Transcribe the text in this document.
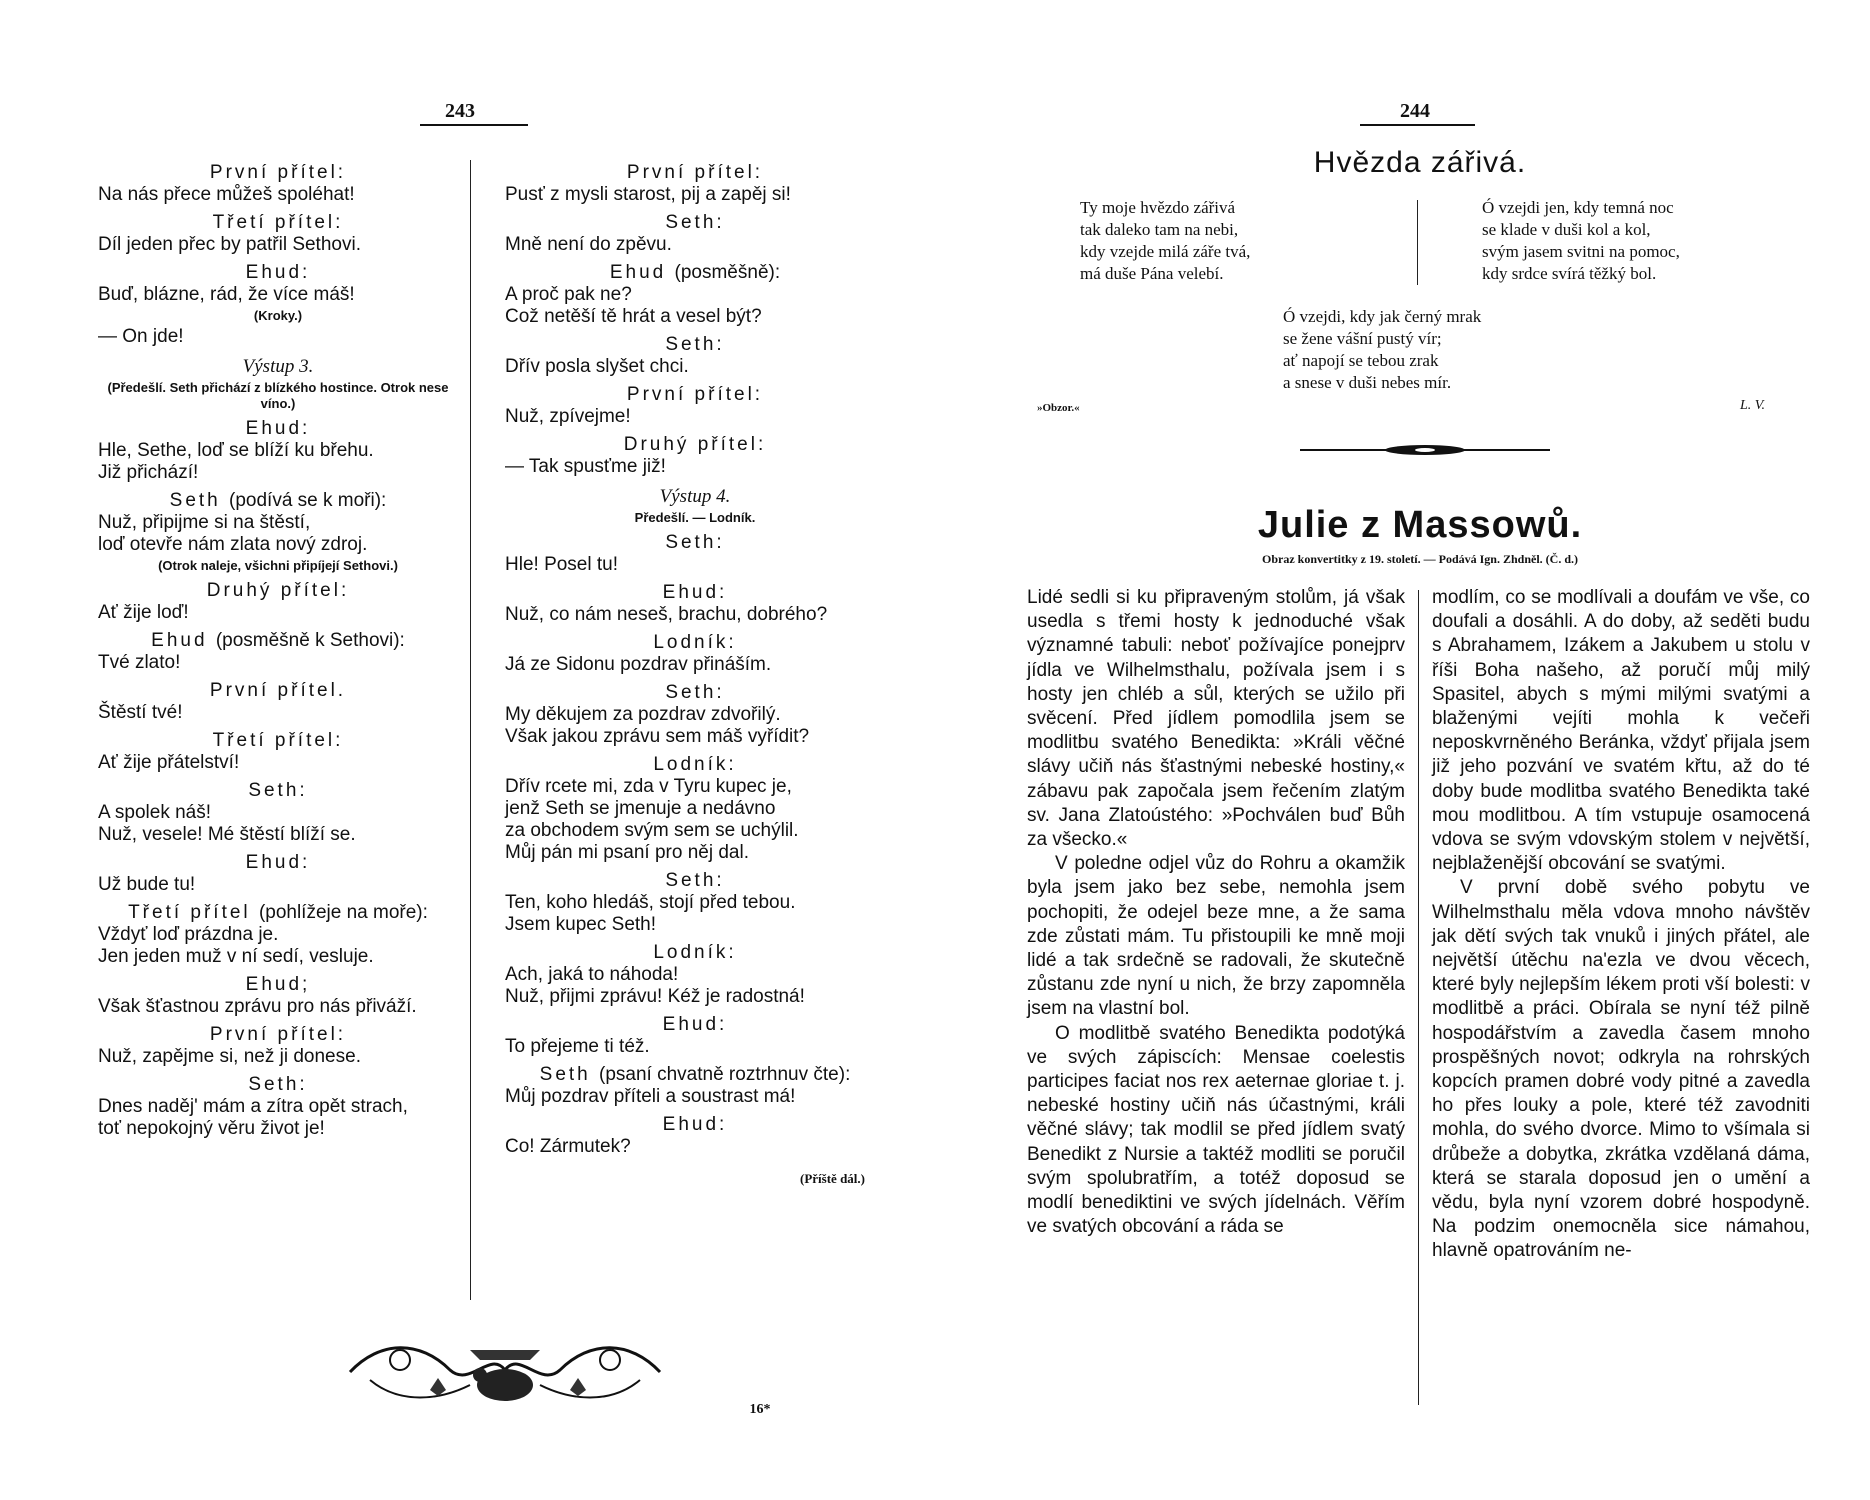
243
První přítel:
Na nás přece můžeš spoléhat!
Třetí přítel:
Díl jeden přec by patřil Sethovi.
Ehud:
Buď, blázne, rád, že více máš!
(Kroky.)
— On jde!
Výstup 3.
(Předešlí. Seth přichází z blízkého hostince. Otrok nese víno.)
Ehud:
Hle, Sethe, loď se blíží ku břehu.
Již přichází!
Seth (podívá se k moři):
Nuž, připijme si na štěstí,
loď otevře nám zlata nový zdroj.
(Otrok naleje, všichni připíjejí Sethovi.)
Druhý přítel:
Ať žije loď!
Ehud (posměšně k Sethovi):
Tvé zlato!
První přítel.
Štěstí tvé!
Třetí přítel:
Ať žije přátelství!
Seth:
A spolek náš!
Nuž, vesele! Mé štěstí blíží se.
Ehud:
Už bude tu!
Třetí přítel (pohlížeje na moře):
Vždyť loď prázdna je.
Jen jeden muž v ní sedí, vesluje.
Ehud;
Však šťastnou zprávu pro nás přiváží.
První přítel:
Nuž, zapějme si, než ji donese.
Seth:
Dnes naděj' mám a zítra opět strach,
toť nepokojný věru život je!
První přítel:
Pusť z mysli starost, pij a zapěj si!
Seth:
Mně není do zpěvu.
Ehud (posměšně):
A proč pak ne?
Což netěší tě hrát a vesel být?
Seth:
Dřív posla slyšet chci.
První přítel:
Nuž, zpívejme!
Druhý přítel:
— Tak spusťme již!
Výstup 4.
Předešlí. — Lodník.
Seth:
Hle! Posel tu!
Ehud:
Nuž, co nám neseš, brachu, dobrého?
Lodník:
Já ze Sidonu pozdrav přináším.
Seth:
My děkujem za pozdrav zdvořilý.
Však jakou zprávu sem máš vyřídit?
Lodník:
Dřív rcete mi, zda v Tyru kupec je,
jenž Seth se jmenuje a nedávno
za obchodem svým sem se uchýlil.
Můj pán mi psaní pro něj dal.
Seth:
Ten, koho hledáš, stojí před tebou.
Jsem kupec Seth!
Lodník:
Ach, jaká to náhoda!
Nuž, přijmi zprávu! Kéž je radostná!
Ehud:
To přejeme ti též.
Seth (psaní chvatně roztrhnuv čte):
Můj pozdrav příteli a soustrast má!
Ehud:
Co! Zármutek?
(Příště dál.)
16*
244
Hvězda zářivá.
Ty moje hvězdo zářivá
tak daleko tam na nebi,
kdy vzejde milá záře tvá,
má duše Pána velebí.
Ó vzejdi jen, kdy temná noc
se klade v duši kol a kol,
svým jasem svitni na pomoc,
kdy srdce svírá těžký bol.
Ó vzejdi, kdy jak černý mrak
se žene vášní pustý vír;
ať napojí se tebou zrak
a snese v duši nebes mír.
»Obzor.«	L. V.
Julie z Massowů.
Obraz konvertitky z 19. století. — Podává Ign. Zhdněl. (Č. d.)

Lidé sedli si ku připraveným stolům, já však usedla s třemi hosty k jednoduché však významné tabuli: neboť požívajíce ponejprv jídla ve Wilhelmsthalu, požívala jsem i s hosty jen chléb a sůl, kterých se užilo při svěcení. Před jídlem pomodlila jsem se modlitbu svatého Benedikta: »Králi věčné slávy učiň nás šťastnými nebeské hostiny,« zábavu pak započala jsem řečením zlatým sv. Jana Zlatoústého: »Pochválen buď Bůh za všecko.«

V poledne odjel vůz do Rohru a okamžik byla jsem jako bez sebe, nemohla jsem pochopiti, že odejel beze mne, a že sama zde zůstati mám. Tu přistoupili ke mně moji lidé a tak srdečně se radovali, že skutečně zůstanu zde nyní u nich, že brzy zapomněla jsem na vlastní bol.

O modlitbě svatého Benedikta podotýká ve svých zápiscích: Mensae coelestis participes faciat nos rex aeternae gloriae t. j. nebeské hostiny učiň nás účastnými, králi věčné slávy; tak modlil se před jídlem svatý Benedikt z Nursie a taktéž modliti se poručil svým spolubratřím, a totéž doposud se modlí benediktini ve svých jídelnách. Věřím ve svatých obcování a ráda se

modlím, co se modlívali a doufám ve vše, co doufali a dosáhli. A do doby, až seděti budu s Abrahamem, Izákem a Jakubem u stolu v říši Boha našeho, až poručí můj milý Spasitel, abych s mými milými svatými a blaženými vejíti mohla k večeři neposkvrněného Beránka, vždyť přijala jsem již jeho pozvání ve svatém křtu, až do té doby bude modlitba svatého Benedikta také mou modlitbou. A tím vstupuje osamocená vdova se svým vdovským stolem v největší, nejblaženější obcování se svatými.

V první době svého pobytu ve Wilhelmsthalu měla vdova mnoho návštěv jak dětí svých tak vnuků i jiných přátel, ale největší útěchu na'ezla ve dvou věcech, které byly nejlepším lékem proti vší bolesti: v modlitbě a práci. Obírala se nyní též pilně hospodářstvím a zavedla časem mnoho prospěšných novot; odkryla na rohrských kopcích pramen dobré vody pitné a zavedla ho přes louky a pole, které též zavodniti mohla, do svého dvorce. Mimo to všímala si drůbeže a dobytka, zkrátka vzdělaná dáma, která se starala doposud jen o umění a vědu, byla nyní vzorem dobré hospodyně. Na podzim onemocněla sice námahou, hlavně opatrováním ne-
